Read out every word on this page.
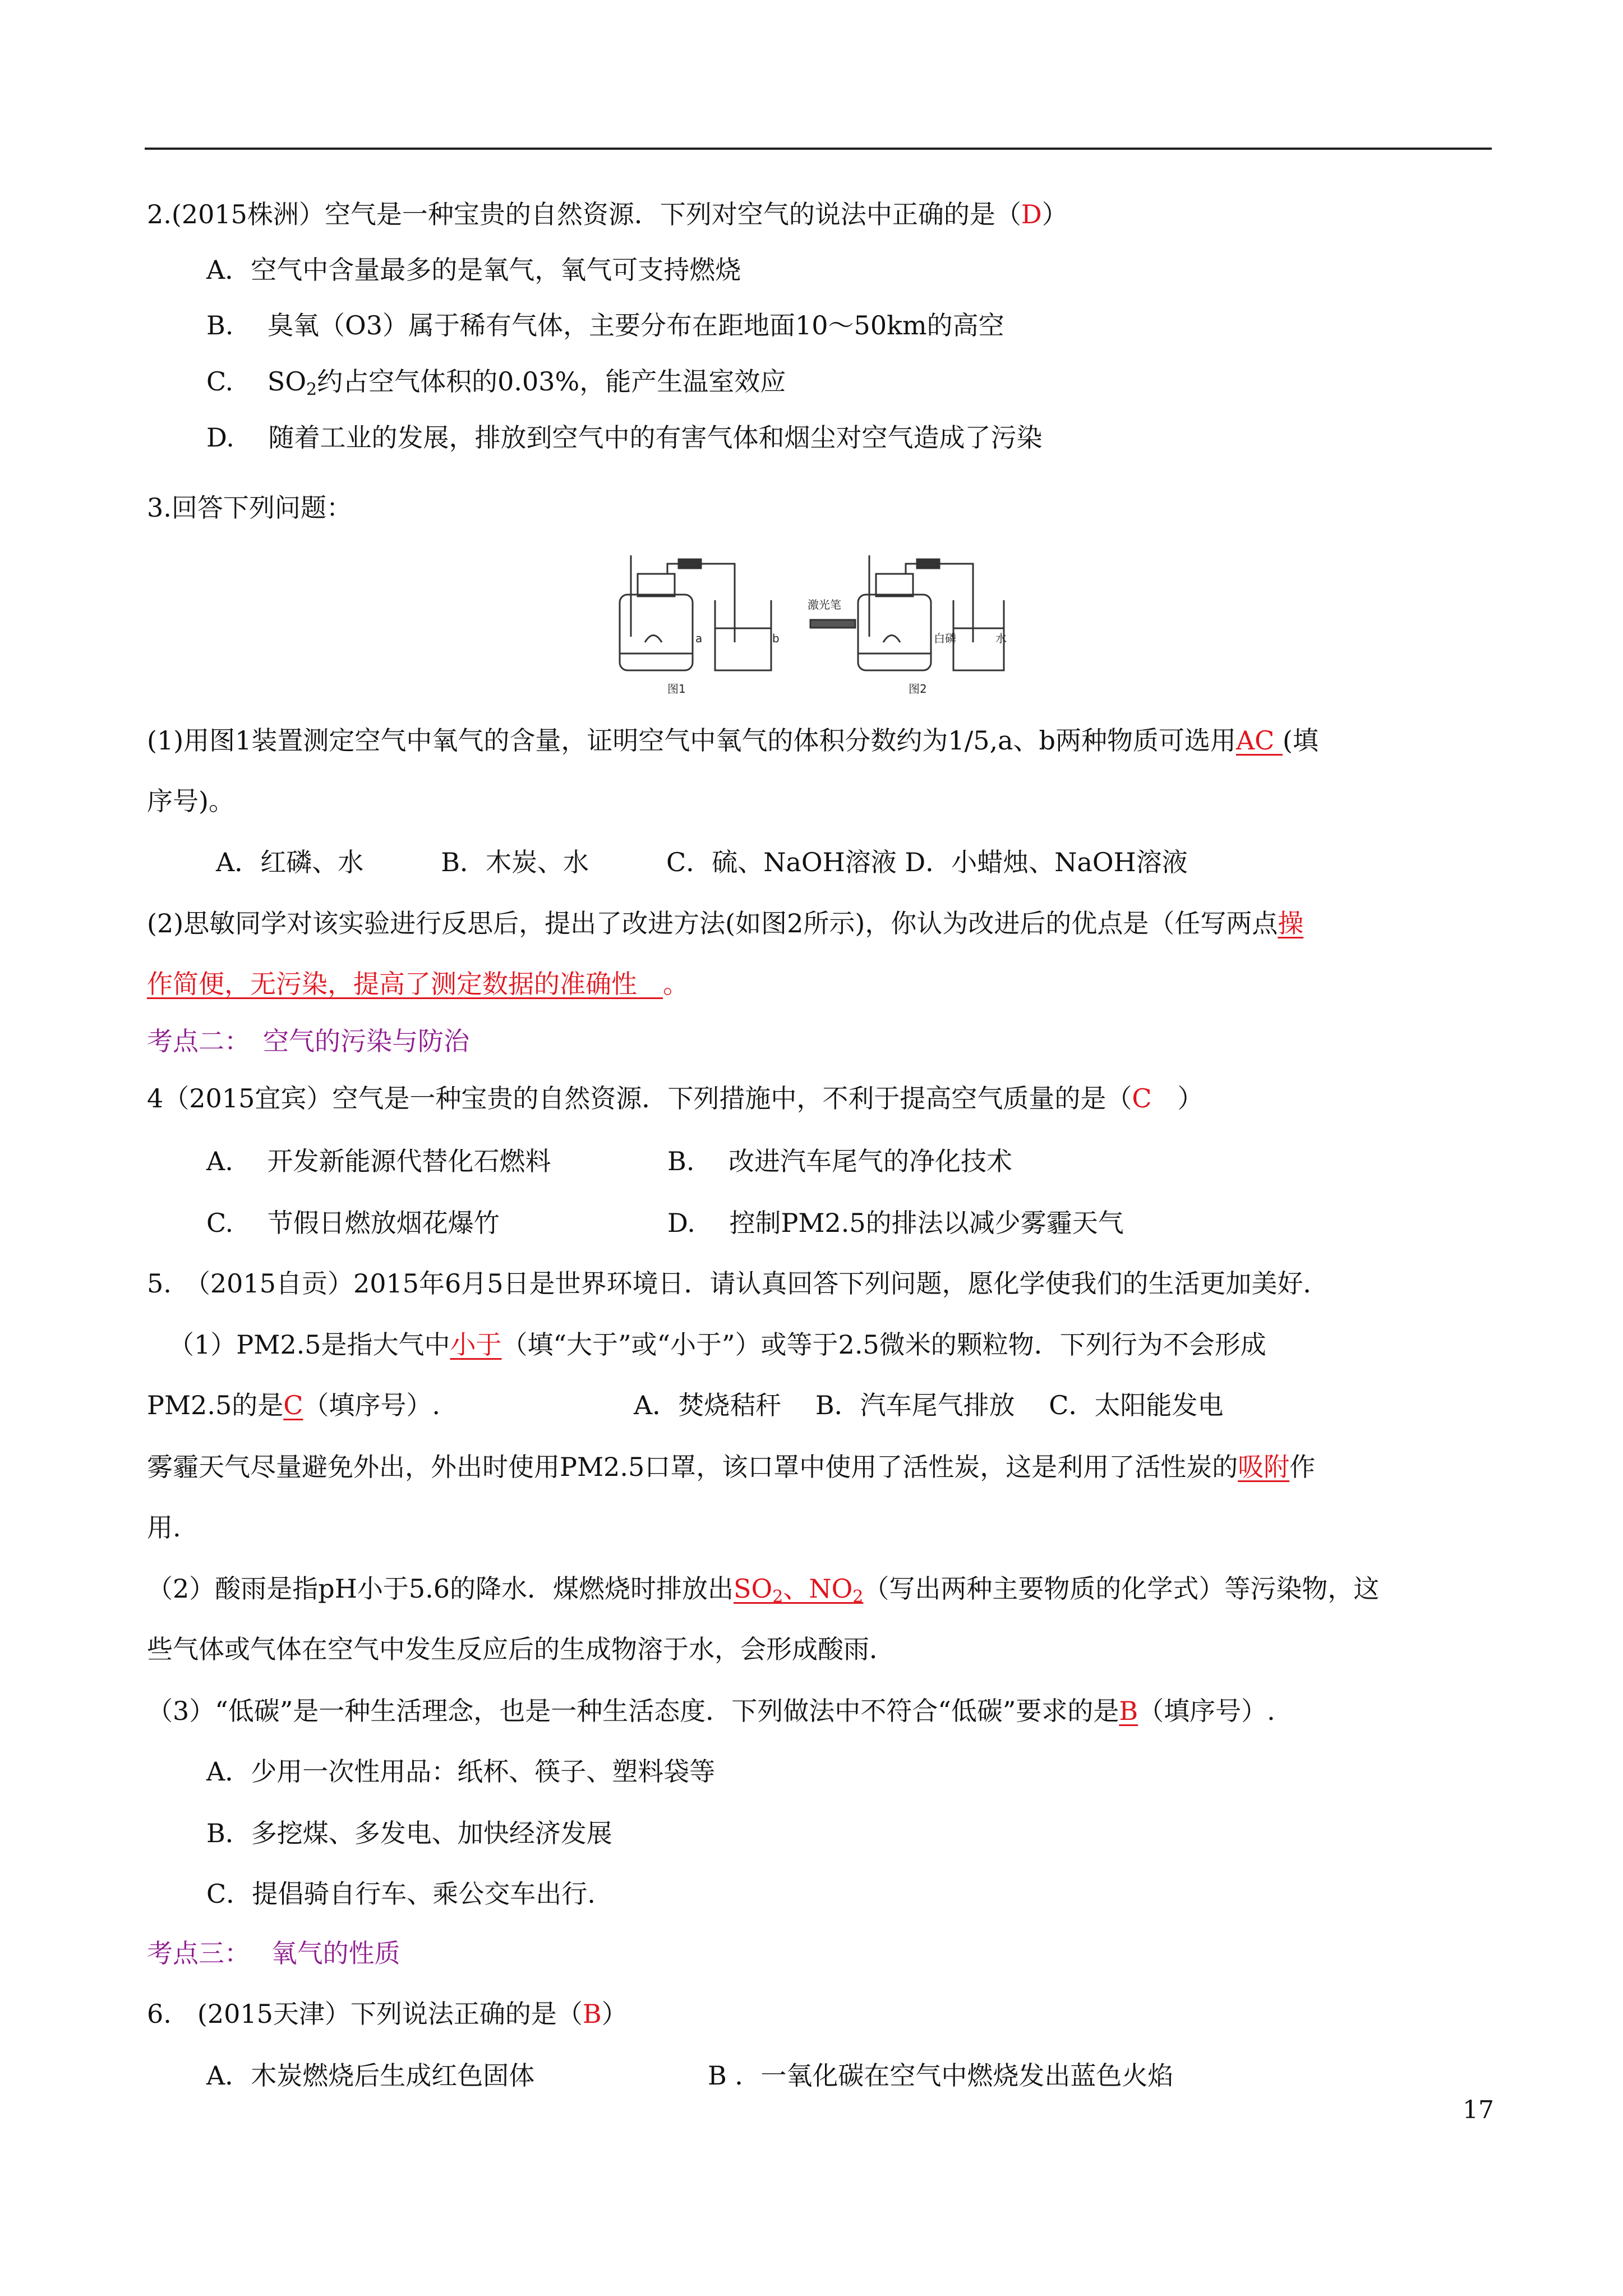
2.(2015株洲）空气是一种宝贵的自然资源．下列对空气的说法中正确的是（D）
A．空气中含量最多的是氧气，氧气可支持燃烧
B.　 臭氧（O3）属于稀有气体，主要分布在距地面10～50km的高空
C.　 $SO_2$约占空气体积的0.03%，能产生温室效应
D.　 随着工业的发展，排放到空气中的有害气体和烟尘对空气造成了污染
3.回答下列问题：
a	b
激光笔
白磷	水
图1	图2
(1)用图1装置测定空气中氧气的含量，证明空气中氧气的体积分数约为1/5,a、b两种物质可选用AC (填
序号)。
A．红磷、水　　　B．木炭、水　　　C．硫、NaOH溶液 D．小蜡烛、NaOH溶液
(2)思敏同学对该实验进行反思后，提出了改进方法(如图2所示)，你认为改进后的优点是（任写两点操
作简便，无污染，提高了测定数据的准确性　。
考点二：　空气的污染与防治
4（2015宜宾）空气是一种宝贵的自然资源．下列措施中，不利于提高空气质量的是（C　）
A.　 开发新能源代替化石燃料	B.　 改进汽车尾气的净化技术
C.　 节假日燃放烟花爆竹	D.　 控制PM2.5的排法以减少雾霾天气
5.　（2015自贡）2015年6月5日是世界环境日．请认真回答下列问题，愿化学使我们的生活更加美好．
（1）PM2.5是指大气中小于（填“大于”或“小于”）或等于2.5微米的颗粒物．下列行为不会形成
PM2.5的是C（填序号）.	A．焚烧秸秆　 B．汽车尾气排放　 C．太阳能发电
雾霾天气尽量避免外出，外出时使用PM2.5口罩，该口罩中使用了活性炭，这是利用了活性炭的吸附作
用.
（2）酸雨是指pH小于5.6的降水．煤燃烧时排放出$SO_2$、$NO_2$（写出两种主要物质的化学式）等污染物，这
些气体或气体在空气中发生反应后的生成物溶于水，会形成酸雨．
（3）“低碳”是一种生活理念，也是一种生活态度．下列做法中不符合“低碳”要求的是B（填序号）.
A．少用一次性用品：纸杯、筷子、塑料袋等
B．多挖煤、多发电、加快经济发展
C．提倡骑自行车、乘公交车出行.
考点三：　 氧气的性质
6.　(2015天津）下列说法正确的是（B）
A．木炭燃烧后生成红色固体	B ．一氧化碳在空气中燃烧发出蓝色火焰
17
